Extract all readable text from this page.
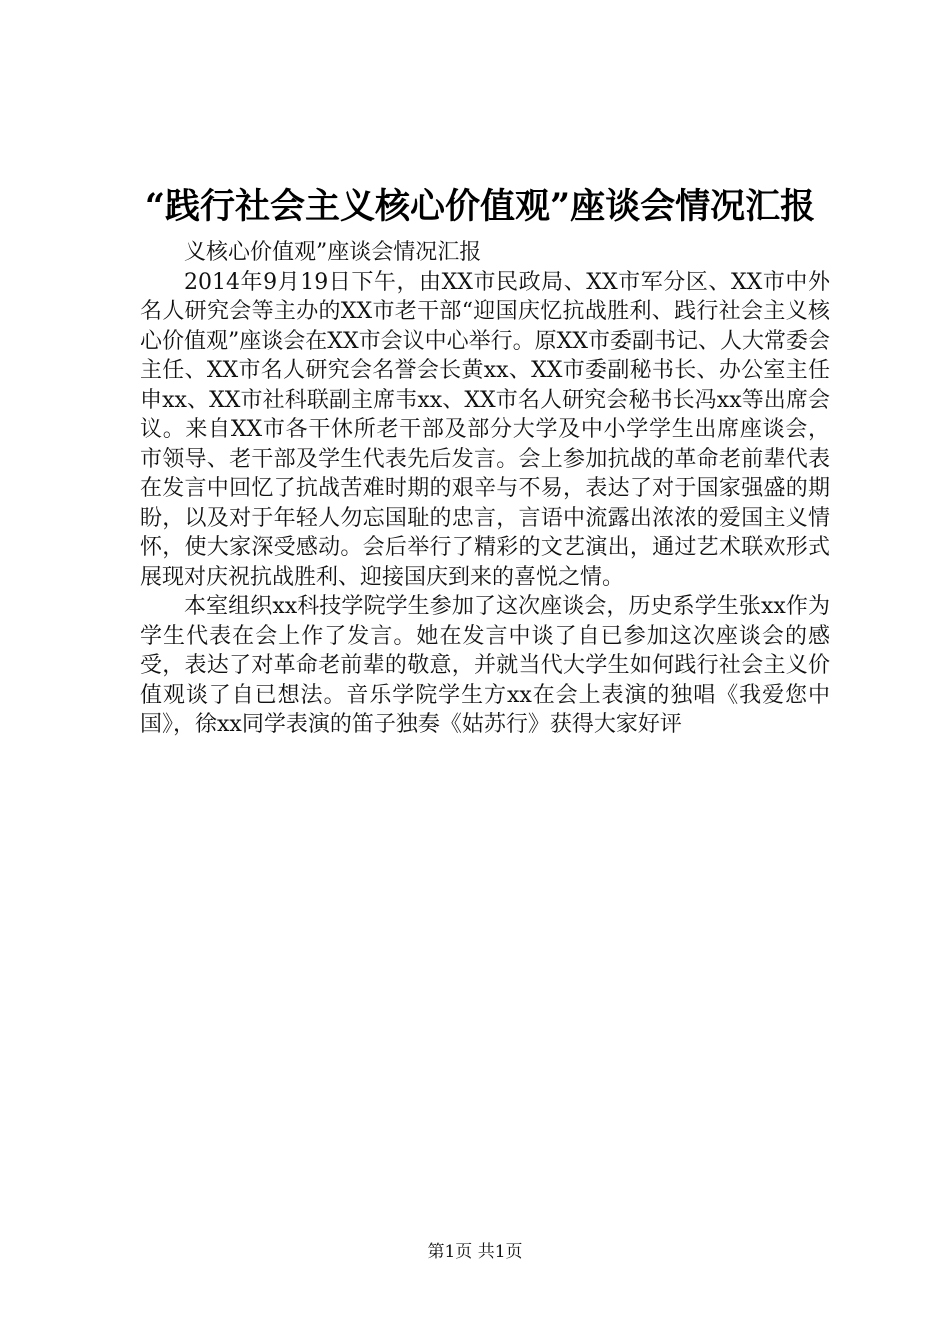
“践行社会主义核心价值观”座谈会情况汇报

义核心价值观”座谈会情况汇报

2014年9月19日下午，由XX市民政局、XX市军分区、XX市中外名人研究会等主办的XX市老干部“迎国庆忆抗战胜利、践行社会主义核心价值观”座谈会在XX市会议中心举行。原XX市委副书记、人大常委会主任、XX市名人研究会名誉会长黄xx、XX市委副秘书长、办公室主任申xx、XX市社科联副主席韦xx、XX市名人研究会秘书长冯xx等出席会议。来自XX市各干休所老干部及部分大学及中小学学生出席座谈会，市领导、老干部及学生代表先后发言。会上参加抗战的革命老前辈代表在发言中回忆了抗战苦难时期的艰辛与不易，表达了对于国家强盛的期盼，以及对于年轻人勿忘国耻的忠言，言语中流露出浓浓的爱国主义情怀，使大家深受感动。会后举行了精彩的文艺演出，通过艺术联欢形式展现对庆祝抗战胜利、迎接国庆到来的喜悦之情。

本室组织xx科技学院学生参加了这次座谈会，历史系学生张xx作为学生代表在会上作了发言。她在发言中谈了自已参加这次座谈会的感受，表达了对革命老前辈的敬意，并就当代大学生如何践行社会主义价值观谈了自已想法。音乐学院学生方xx在会上表演的独唱《我爱您中国》，徐xx同学表演的笛子独奏《姑苏行》获得大家好评

第1页 共1页
